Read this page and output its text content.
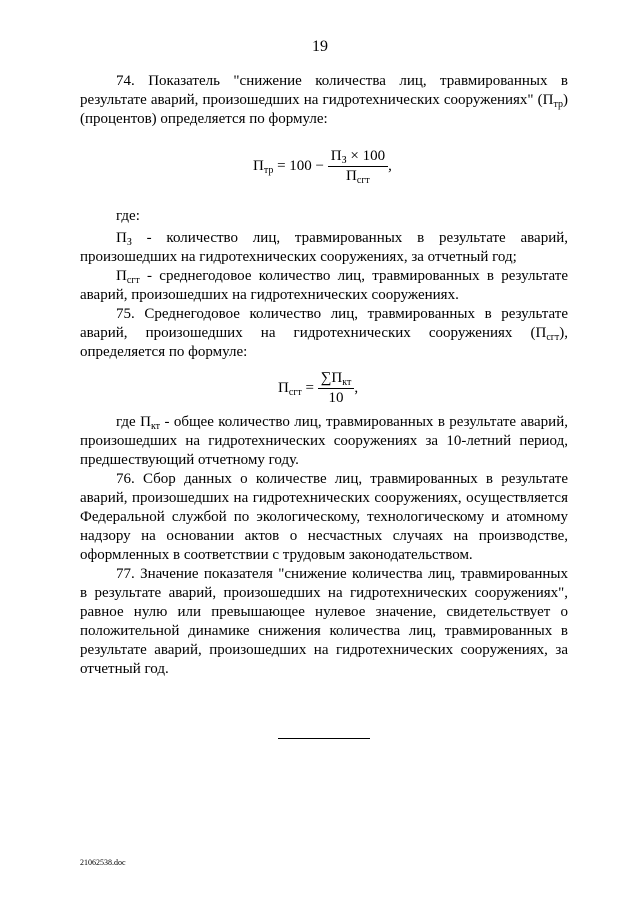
19

74. Показатель "снижение количества лиц, травмированных в результате аварий, произошедших на гидротехнических сооружениях" $(П_{тр})$ (процентов) определяется по формуле:

$П_{тр} = 100 - \frac{П_З \times 100}{П_{сгт}}$ ,

где:

$П_З$ - количество лиц, травмированных в результате аварий, произошедших на гидротехнических сооружениях, за отчетный год;

$П_{сгт}$ - среднегодовое количество лиц, травмированных в результате аварий, произошедших на гидротехнических сооружениях.

75. Среднегодовое количество лиц, травмированных в результате аварий, произошедших на гидротехнических сооружениях $(П_{сгт})$, определяется по формуле:

$П_{сгт} = \frac{\sum П_{кт}}{10}$ ,

где $П_{кт}$ - общее количество лиц, травмированных в результате аварий, произошедших на гидротехнических сооружениях за 10-летний период, предшествующий отчетному году.

76. Сбор данных о количестве лиц, травмированных в результате аварий, произошедших на гидротехнических сооружениях, осуществляется Федеральной службой по экологическому, технологическому и атомному надзору на основании актов о несчастных случаях на производстве, оформленных в соответствии с трудовым законодательством.

77. Значение показателя "снижение количества лиц, травмированных в результате аварий, произошедших на гидротехнических сооружениях", равное нулю или превышающее нулевое значение, свидетельствует о положительной динамике снижения количества лиц, травмированных в результате аварий, произошедших на гидротехнических сооружениях, за отчетный год.

21062538.doc
